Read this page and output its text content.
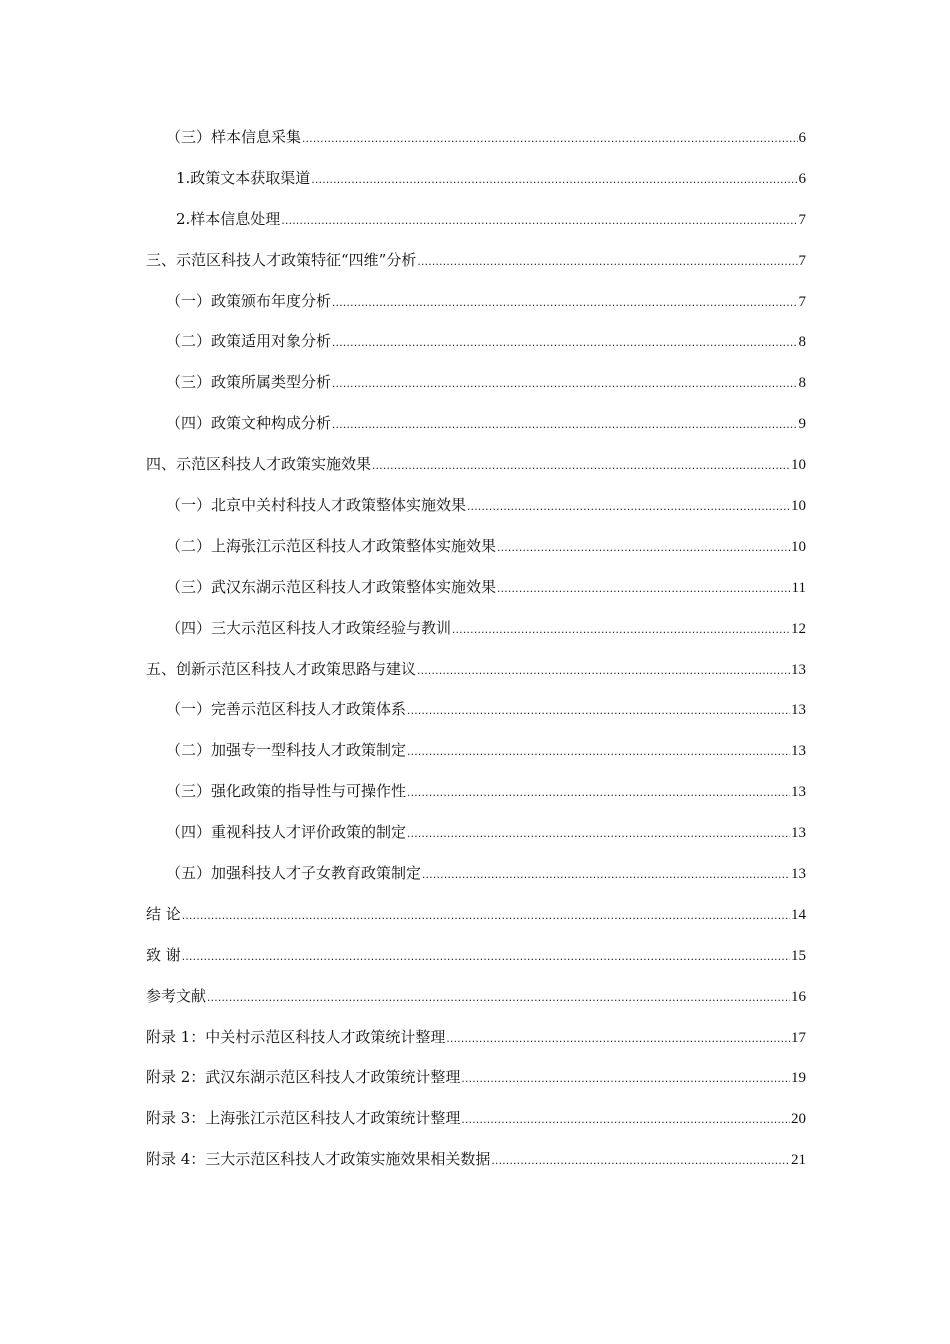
（三）样本信息采集 .....	6
1.政策文本获取渠道 .....	6
2.样本信息处理 .....	7
三、示范区科技人才政策特征“四维”分析 .....	7
（一）政策颁布年度分析 .....	7
（二）政策适用对象分析 .....	8
（三）政策所属类型分析 .....	8
（四）政策文种构成分析 .....	9
四、示范区科技人才政策实施效果 .....	10
（一）北京中关村科技人才政策整体实施效果 .....	10
（二）上海张江示范区科技人才政策整体实施效果 .....	10
（三）武汉东湖示范区科技人才政策整体实施效果 .....	11
（四）三大示范区科技人才政策经验与教训 .....	12
五、创新示范区科技人才政策思路与建议 .....	13
（一）完善示范区科技人才政策体系 .....	13
（二）加强专一型科技人才政策制定 .....	13
（三）强化政策的指导性与可操作性 .....	13
（四）重视科技人才评价政策的制定 .....	13
（五）加强科技人才子女教育政策制定 .....	13
结 论 .....	14
致 谢 .....	15
参考文献 .....	16
附录 1：中关村示范区科技人才政策统计整理 .....	17
附录 2：武汉东湖示范区科技人才政策统计整理 .....	19
附录 3：上海张江示范区科技人才政策统计整理 .....	20
附录 4：三大示范区科技人才政策实施效果相关数据 .....	21
